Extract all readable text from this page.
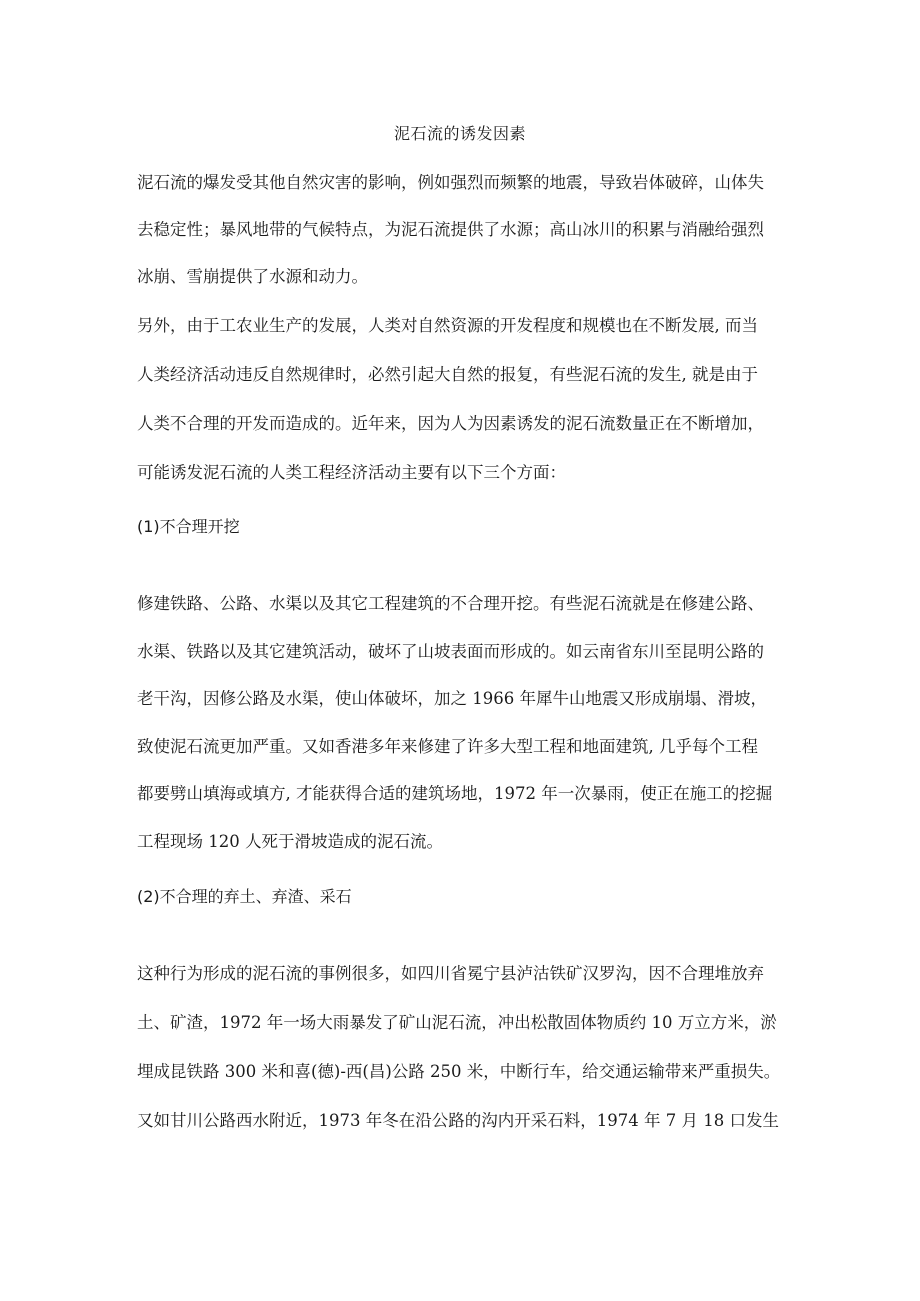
泥石流的诱发因素
泥石流的爆发受其他自然灾害的影响，例如强烈而频繁的地震，导致岩体破碎，山体失
去稳定性；暴风地带的气候特点，为泥石流提供了水源；高山冰川的积累与消融给强烈
冰崩、雪崩提供了水源和动力。
另外，由于工农业生产的发展，人类对自然资源的开发程度和规模也在不断发展, 而当
人类经济活动违反自然规律时，必然引起大自然的报复，有些泥石流的发生, 就是由于
人类不合理的开发而造成的。近年来，因为人为因素诱发的泥石流数量正在不断增加，
可能诱发泥石流的人类工程经济活动主要有以下三个方面：
(1)不合理开挖
修建铁路、公路、水渠以及其它工程建筑的不合理开挖。有些泥石流就是在修建公路、
水渠、铁路以及其它建筑活动，破坏了山坡表面而形成的。如云南省东川至昆明公路的
老干沟，因修公路及水渠，使山体破坏，加之 1966 年犀牛山地震又形成崩塌、滑坡，
致使泥石流更加严重。又如香港多年来修建了许多大型工程和地面建筑, 几乎每个工程
都要劈山填海或填方, 才能获得合适的建筑场地，1972 年一次暴雨，使正在施工的挖掘
工程现场 120 人死于滑坡造成的泥石流。
(2)不合理的弃土、弃渣、采石
这种行为形成的泥石流的事例很多，如四川省冕宁县泸沽铁矿汉罗沟，因不合理堆放弃
土、矿渣，1972 年一场大雨暴发了矿山泥石流，冲出松散固体物质约 10 万立方米，淤
埋成昆铁路 300 米和喜(德)-西(昌)公路 250 米，中断行车，给交通运输带来严重损失。
又如甘川公路西水附近，1973 年冬在沿公路的沟内开采石料，1974 年 7 月 18 口发生
